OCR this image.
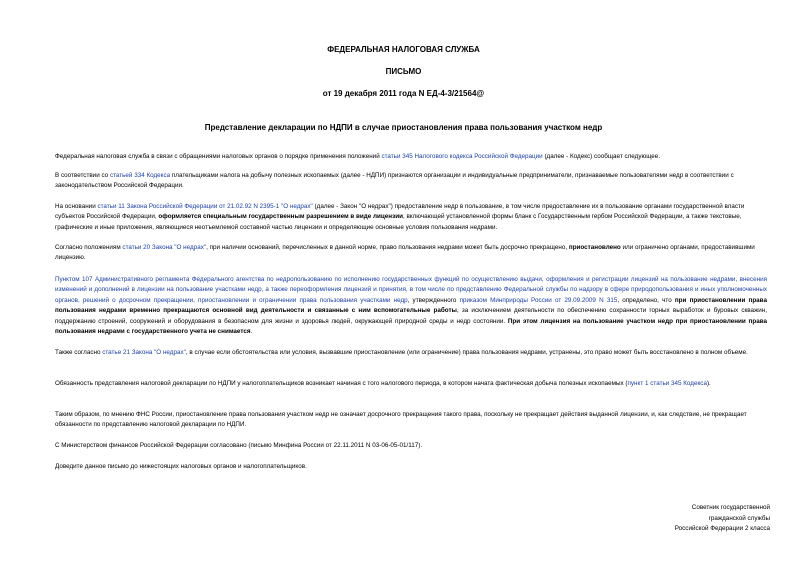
ФЕДЕРАЛЬНАЯ НАЛОГОВАЯ СЛУЖБА
ПИСЬМО
от 19 декабря 2011 года N ЕД-4-3/21564@
Представление декларации по НДПИ в случае приостановления права пользования участком недр

Федеральная налоговая служба в связи с обращениями налоговых органов о порядке применения положений статьи 345 Налогового кодекса Российской Федерации (далее - Кодекс) сообщает следующее.

В соответствии со статьей 334 Кодекса плательщиками налога на добычу полезных ископаемых (далее - НДПИ) признаются организации и индивидуальные предприниматели, признаваемые пользователями недр в соответствии с законодательством Российской Федерации.

На основании статьи 11 Закона Российской Федерации от 21.02.92 N 2395-1 "О недрах" (далее - Закон "О недрах") предоставление недр в пользование, в том числе предоставление их в пользование органами государственной власти субъектов Российской Федерации, оформляется специальным государственным разрешением в виде лицензии, включающей установленной формы бланк с Государственным гербом Российской Федерации, а также текстовые, графические и иные приложения, являющиеся неотъемлемой составной частью лицензии и определяющие основные условия пользования недрами.

Согласно положениям статьи 20 Закона "О недрах", при наличии оснований, перечисленных в данной норме, право пользования недрами может быть досрочно прекращено, приостановлено или ограничено органами, предоставившими лицензию.

Пунктом 107 Административного регламента Федерального агентства по недропользованию по исполнению государственных функций по осуществлению выдачи, оформления и регистрации лицензий на пользование недрами, внесения изменений и дополнений в лицензии на пользование участками недр, а также переоформления лицензий и принятия, в том числе по представлению Федеральной службы по надзору в сфере природопользования и иных уполномоченных органов, решений о досрочном прекращении, приостановлении и ограничении права пользования участками недр, утвержденного приказом Минприроды России от 29.09.2009 N 315, определено, что при приостановлении права пользования недрами временно прекращаются основной вид деятельности и связанные с ним вспомогательные работы, за исключением деятельности по обеспечению сохранности горных выработок и буровых скважин, поддержанию строений, сооружений и оборудования в безопасном для жизни и здоровья людей, окружающей природной среды и недр состоянии. При этом лицензия на пользование участком недр при приостановлении права пользования недрами с государственного учета не снимается.

Также согласно статье 21 Закона "О недрах", в случае если обстоятельства или условия, вызвавшие приостановление (или ограничение) права пользования недрами, устранены, это право может быть восстановлено в полном объеме.

Обязанность представления налоговой декларации по НДПИ у налогоплательщиков возникает начиная с того налогового периода, в котором начата фактическая добыча полезных ископаемых (пункт 1 статьи 345 Кодекса).

Таким образом, по мнению ФНС России, приостановление права пользования участком недр не означает досрочного прекращения такого права, поскольку не прекращает действия выданной лицензии, и, как следствие, не прекращает обязанности по представлению налоговой декларации по НДПИ.

С Министерством финансов Российской Федерации согласовано (письмо Минфина России от 22.11.2011 N 03-06-05-01/117).

Доведите данное письмо до нижестоящих налоговых органов и налогоплательщиков.

Советник государственной
гражданской службы
Российской Федерации 2 класса
